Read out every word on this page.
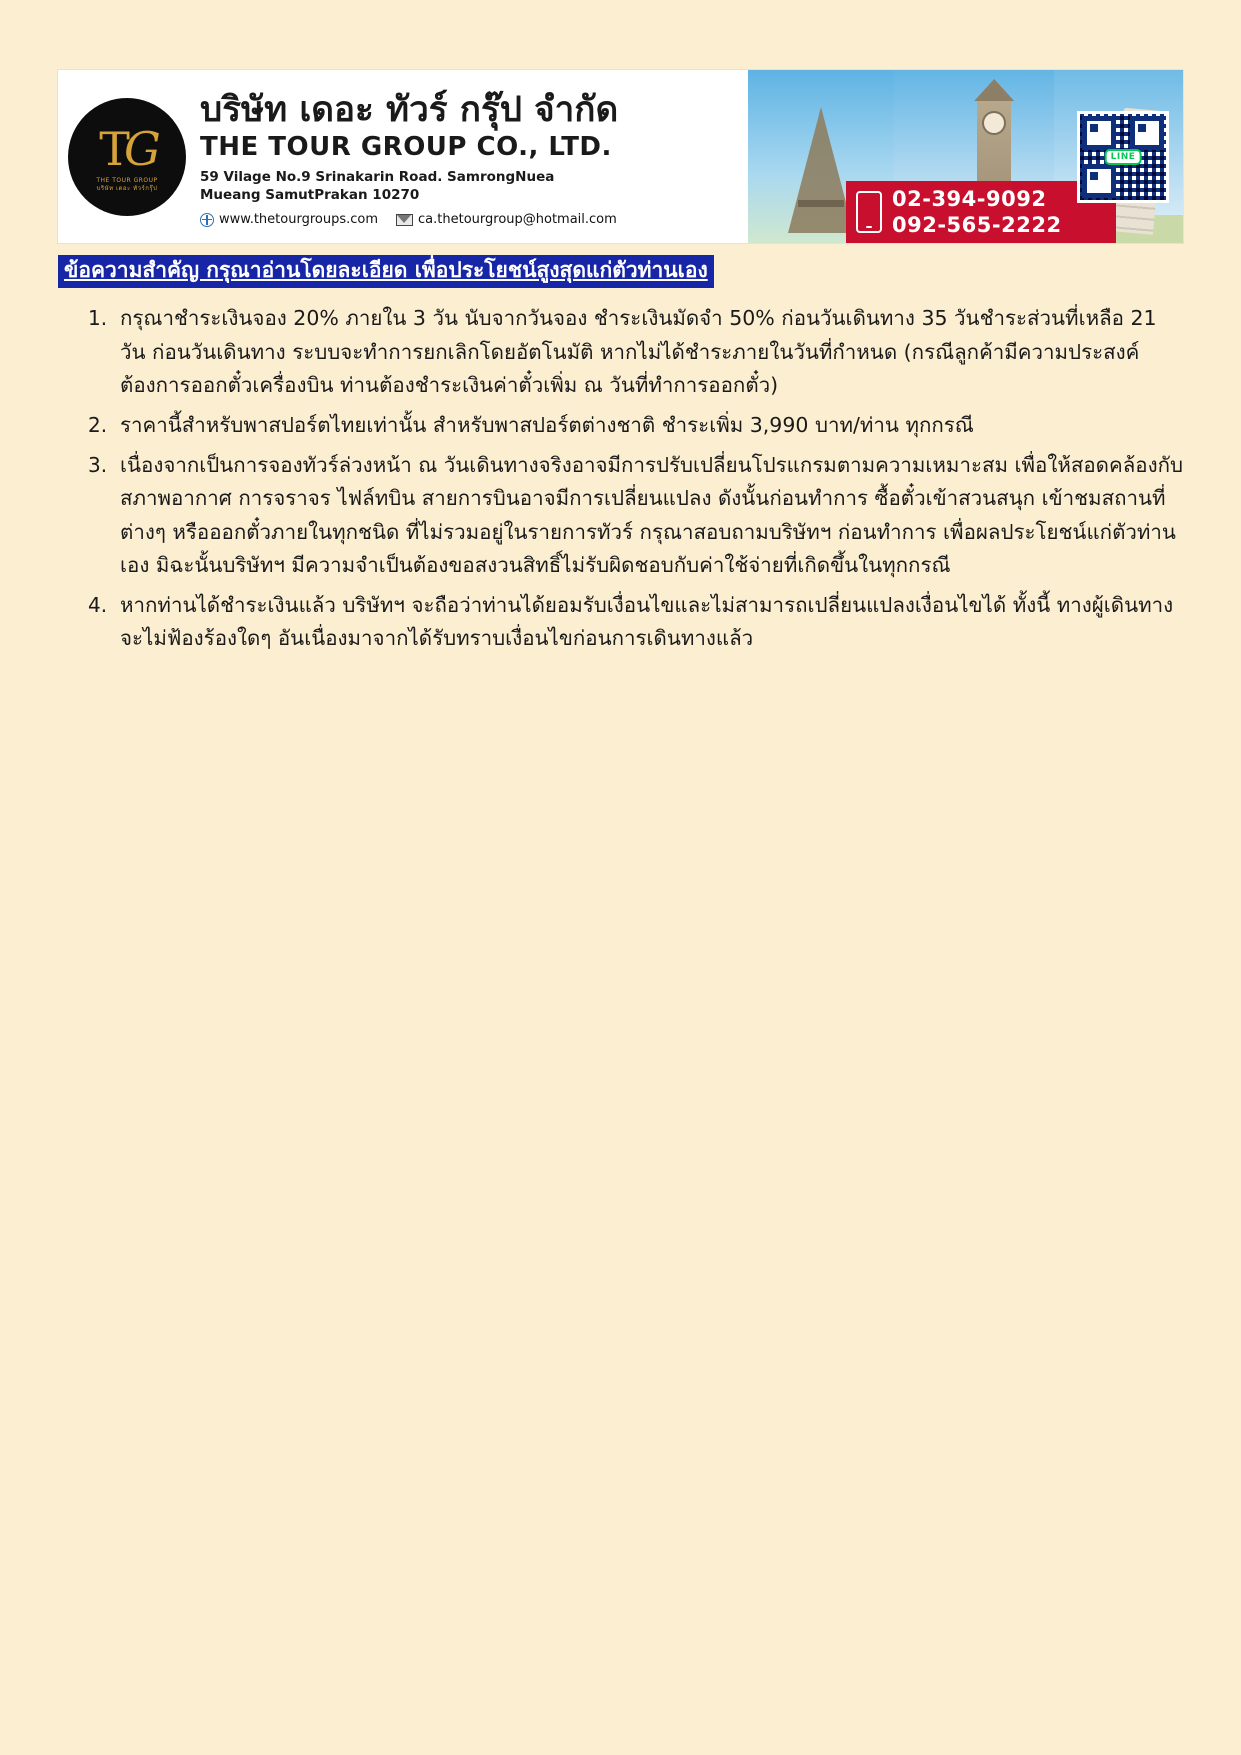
TG
THE TOUR GROUP
บริษัท เดอะ ทัวร์กรุ๊ป
บริษัท เดอะ ทัวร์ กรุ๊ป จำกัด
THE TOUR GROUP CO., LTD.
59 Vilage No.9 Srinakarin Road. SamrongNuea
Mueang SamutPrakan 10270
www.thetourgroups.com	ca.thetourgroup@hotmail.com
02-394-9092
092-565-2222
LINE
ข้อความสำคัญ กรุณาอ่านโดยละเอียด เพื่อประโยชน์สูงสุดแก่ตัวท่านเอง
กรุณาชำระเงินจอง 20% ภายใน 3 วัน นับจากวันจอง ชำระเงินมัดจำ 50% ก่อนวันเดินทาง 35 วันชำระส่วนที่เหลือ 21 วัน ก่อนวันเดินทาง ระบบจะทำการยกเลิกโดยอัตโนมัติ หากไม่ได้ชำระภายในวันที่กำหนด (กรณีลูกค้ามีความประสงค์ต้องการออกตั๋วเครื่องบิน ท่านต้องชำระเงินค่าตั๋วเพิ่ม ณ วันที่ทำการออกตั๋ว)
ราคานี้สำหรับพาสปอร์ตไทยเท่านั้น สำหรับพาสปอร์ตต่างชาติ ชำระเพิ่ม 3,990 บาท/ท่าน ทุกกรณี
เนื่องจากเป็นการจองทัวร์ล่วงหน้า ณ วันเดินทางจริงอาจมีการปรับเปลี่ยนโปรแกรมตามความเหมาะสม เพื่อให้สอดคล้องกับสภาพอากาศ การจราจร ไฟล์ทบิน สายการบินอาจมีการเปลี่ยนแปลง ดังนั้นก่อนทำการ ซื้อตั๋วเข้าสวนสนุก เข้าชมสถานที่ต่างๆ หรือออกตั๋วภายในทุกชนิด ที่ไม่รวมอยู่ในรายการทัวร์ กรุณาสอบถามบริษัทฯ ก่อนทำการ เพื่อผลประโยชน์แก่ตัวท่านเอง มิฉะนั้นบริษัทฯ มีความจำเป็นต้องขอสงวนสิทธิ์ไม่รับผิดชอบกับค่าใช้จ่ายที่เกิดขึ้นในทุกกรณี
หากท่านได้ชำระเงินแล้ว บริษัทฯ จะถือว่าท่านได้ยอมรับเงื่อนไขและไม่สามารถเปลี่ยนแปลงเงื่อนไขได้ ทั้งนี้ ทางผู้เดินทางจะไม่ฟ้องร้องใดๆ อันเนื่องมาจากได้รับทราบเงื่อนไขก่อนการเดินทางแล้ว
